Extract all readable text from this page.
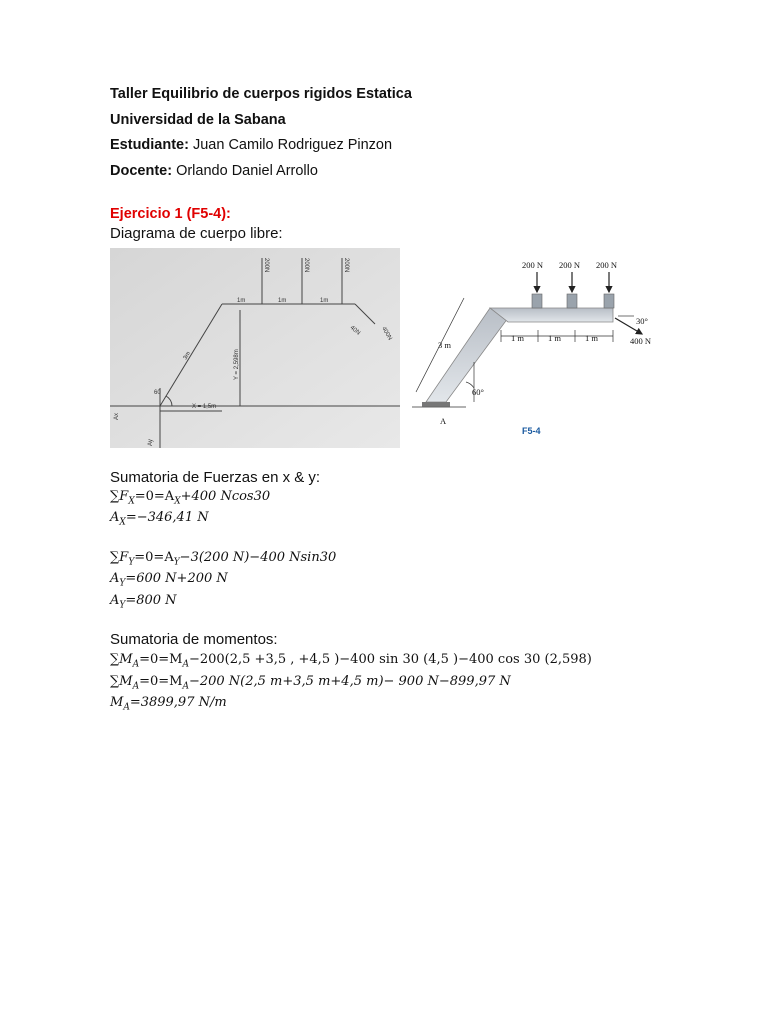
Taller Equilibrio de cuerpos rigidos Estatica
Universidad de la Sabana
Estudiante: Juan Camilo Rodriguez Pinzon
Docente: Orlando Daniel Arrollo
Ejercicio 1 (F5-4):
Diagrama de cuerpo libre:
200N	200N	200N
1m	1m	1m
3m
60
X = 1,5m
Y = 2,598m
40N	400N
Ax
Ay
200 N 200 N 200 N
1 m	1 m	1 m
3 m
60°
30°
400 N
A
F5-4
Sumatoria de Fuerzas en x & y:
$\sum F_X=0=A_X+400$ Ncos30
$A_X=-346,41$ N
$\sum F_Y=0=A_Y-3(200$ N)−400 Nsin30
$A_Y=600$ N+200 N
$A_Y=800$ N
Sumatoria de momentos:
$\sum M_A=0=M_A-200(2,5 +3,5$ , +4,5 )−400 sin 30 (4,5 )−400 cos 30 (2,598)
$\sum M_A=0=M_A-200$ N(2,5 m+3,5 m+4,5 m)− 900 N−899,97 N
$M_A=3899,97$ N/m
